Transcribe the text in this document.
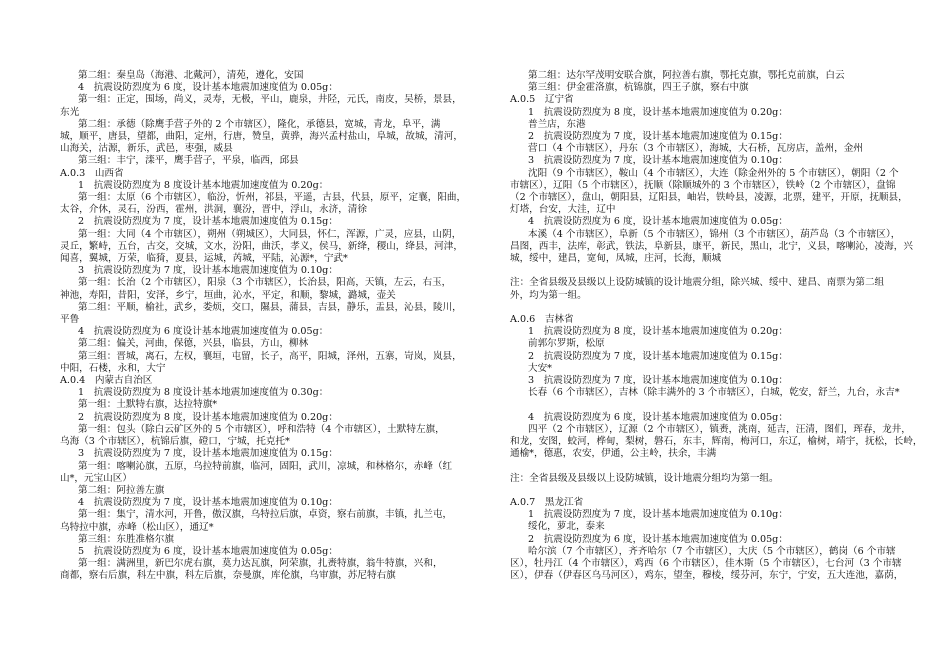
第二组：秦皇岛（海港、北戴河），清苑，遵化，安国
4　抗震设防烈度为 6 度，设计基本地震加速度值为 0.05g：
第一组：正定，围场，尚义，灵寿，无极，平山，鹿泉，井陉，元氏，南皮，吴桥，景县，
东光
第二组：承德（除鹰手营子外的 2 个市辖区），隆化，承德县，宽城，青龙，阜平，满
城，顺平，唐县，望都，曲阳，定州，行唐，赞皇，黄骅，海兴孟村盐山，阜城，故城，清河，
山海关，沽源，新乐，武邑，枣强，威县
第三组：丰宁，滦平，鹰手营子，平泉，临西，邱县
A.0.3　山西省
1　抗震设防烈度为 8 度设计基本地震加速度值为 0.20g：
第一组：太原（6 个市辖区），临汾，忻州，祁县，平遥，古县，代县，原平，定襄，阳曲，
太谷，介休，灵石，汾西，霍州，洪洞，襄汾，晋中，浮山，永济，清徐
2　抗震设防烈度为 7 度，设计基本地震加速度值为 0.15g：
第一组：大同（4 个市辖区），朔州（朔城区），大同县，怀仁，浑源，广灵，应县，山阴，
灵丘，繁峙，五台，古交，交城，文水，汾阳，曲沃，孝义，侯马，新绛，稷山，绛县，河津，
闻喜，翼城，万荣，临猗，夏县，运城，芮城，平陆，沁源*，宁武*
3　抗震设防烈度为 7 度，设计基本地震加速度值为 0.10g：
第一组：长治（2 个市辖区），阳泉（3 个市辖区），长治县，阳高，天镇，左云，右玉，
神池，寿阳，昔阳，安泽，乡宁，垣曲，沁水，平定，和顺，黎城，潞城，壶关
第二组：平顺，榆社，武乡，娄烦，交口，隰县，蒲县，吉县，静乐，盂县，沁县，陵川，
平鲁
4　抗震设防烈度为 6 度设计基本地震加速度值为 0.05g：
第二组：偏关，河曲，保德，兴县，临县，方山，柳林
第三组：晋城，离石，左权，襄垣，屯留，长子，高平，阳城，泽州，五寨，岢岚，岚县，
中阳，石楼，永和，大宁
A.0.4　内蒙古自治区
1　抗震设防烈度为 8 度设计基本地震加速度值为 0.30g：
第一组：土默特右旗，达拉特旗*
2　抗震设防烈度为 8 度，设计基本地震加速度值为 0.20g：
第一组：包头（除白云矿区外的 5 个市辖区），呼和浩特（4 个市辖区），土默特左旗，
乌海（3 个市辖区），杭锦后旗，磴口，宁城，托克托*
3　抗震设防烈度为 7 度，设计基本地震加速度值为 0.15g：
第一组：喀喇沁旗，五原，乌拉特前旗，临河，固阳，武川，凉城，和林格尔，赤峰（红
山*，元宝山区）
第二组：阿拉善左旗
4　抗震设防烈度为 7 度，设计基本地震加速度值为 0.10g：
第一组：集宁，清水河，开鲁，傲汉旗，乌特拉后旗，卓资，察右前旗，丰镇，扎兰屯，
乌特拉中旗，赤峰（松山区），通辽*
第三组：东胜准格尔旗
5　抗震设防烈度为 6 度，设计基本地震加速度值为 0.05g：
第一组：满洲里，新巴尔虎右旗，莫力达瓦旗，阿荣旗，扎赉特旗，翁牛特旗，兴和，
商都，察右后旗，科左中旗，科左后旗，奈曼旗，库伦旗，乌审旗，苏尼特右旗
第二组：达尔罕茂明安联合旗，阿拉善右旗，鄂托克旗，鄂托克前旗，白云
第三组：伊金霍洛旗，杭锦旗，四王子旗，察右中旗
A.0.5　辽宁省
1　抗震设防烈度为 8 度，设计基本地震加速度值为 0.20g：
普兰店，东港
2　抗震设防烈度为 7 度，设计基本地震加速度值为 0.15g：
营口（4 个市辖区），丹东（3 个市辖区），海城，大石桥，瓦房店，盖州，金州
3　抗震设防烈度为 7 度，设计基本地震加速度值为 0.10g：
沈阳（9 个市辖区），鞍山（4 个市辖区），大连（除金州外的 5 个市辖区），朝阳（2 个
市辖区），辽阳（5 个市辖区），抚顺（除顺城外的 3 个市辖区），铁岭（2 个市辖区），盘锦
（2 个市辖区），盘山，朝阳县，辽阳县，岫岩，铁岭县，凌源，北票，建平，开原，抚顺县，
灯塔，台安，大洼，辽中
4　抗震设防烈度为 6 度，设计基本地震加速度值为 0.05g：
本溪（4 个市辖区），阜新（5 个市辖区），锦州（3 个市辖区），葫芦岛（3 个市辖区），
昌图，西丰，法库，彰武，铁法，阜新县，康平，新民，黑山，北宁，义县，喀喇沁，凌海，兴
城，绥中，建昌，宽甸，凤城，庄河，长海，顺城
注：全省县级及县级以上设防城镇的设计地震分组，除兴城、绥中、建昌、南票为第二组
外，均为第一组。
A.0.6　吉林省
1　抗震设防烈度为 8 度，设计基本地震加速度值为 0.20g：
前郭尔罗斯，松原
2　抗震设防烈度为 7 度，设计基本地震加速度值为 0.15g：
大安*
3　抗震设防烈度为 7 度，设计基本地震加速度值为 0.10g：
长春（6 个市辖区），吉林（除丰满外的 3 个市辖区），白城，乾安，舒兰，九台，永吉*
4　抗震设防烈度为 6 度，设计基本地震加速度值为 0.05g：
四平（2 个市辖区），辽源（2 个市辖区），镇赉，洮南，延吉，汪清，图们，珲春，龙井，
和龙，安图，蛟河，桦甸，梨树，磐石，东丰，辉南，梅河口，东辽，榆树，靖宇，抚松，长岭，
通榆*，德惠，农安，伊通，公主岭，扶余，丰满
注：全省县级及县级以上设防城镇，设计地震分组均为第一组。
A.0.7　黑龙江省
1　抗震设防烈度为 7 度，设计基本地震加速度值为 0.10g：
绥化，萝北，泰来
2　抗震设防烈度为 6 度，设计基本地震加速度值为 0.05g：
哈尔滨（7 个市辖区），齐齐哈尔（7 个市辖区），大庆（5 个市辖区），鹤岗（6 个市辖
区），牡丹江（4 个市辖区），鸡西（6 个市辖区），佳木斯（5 个市辖区），七台河（3 个市辖
区），伊春（伊春区乌马河区），鸡东，望奎，穆棱，绥芬河，东宁，宁安，五大连池，嘉荫，
